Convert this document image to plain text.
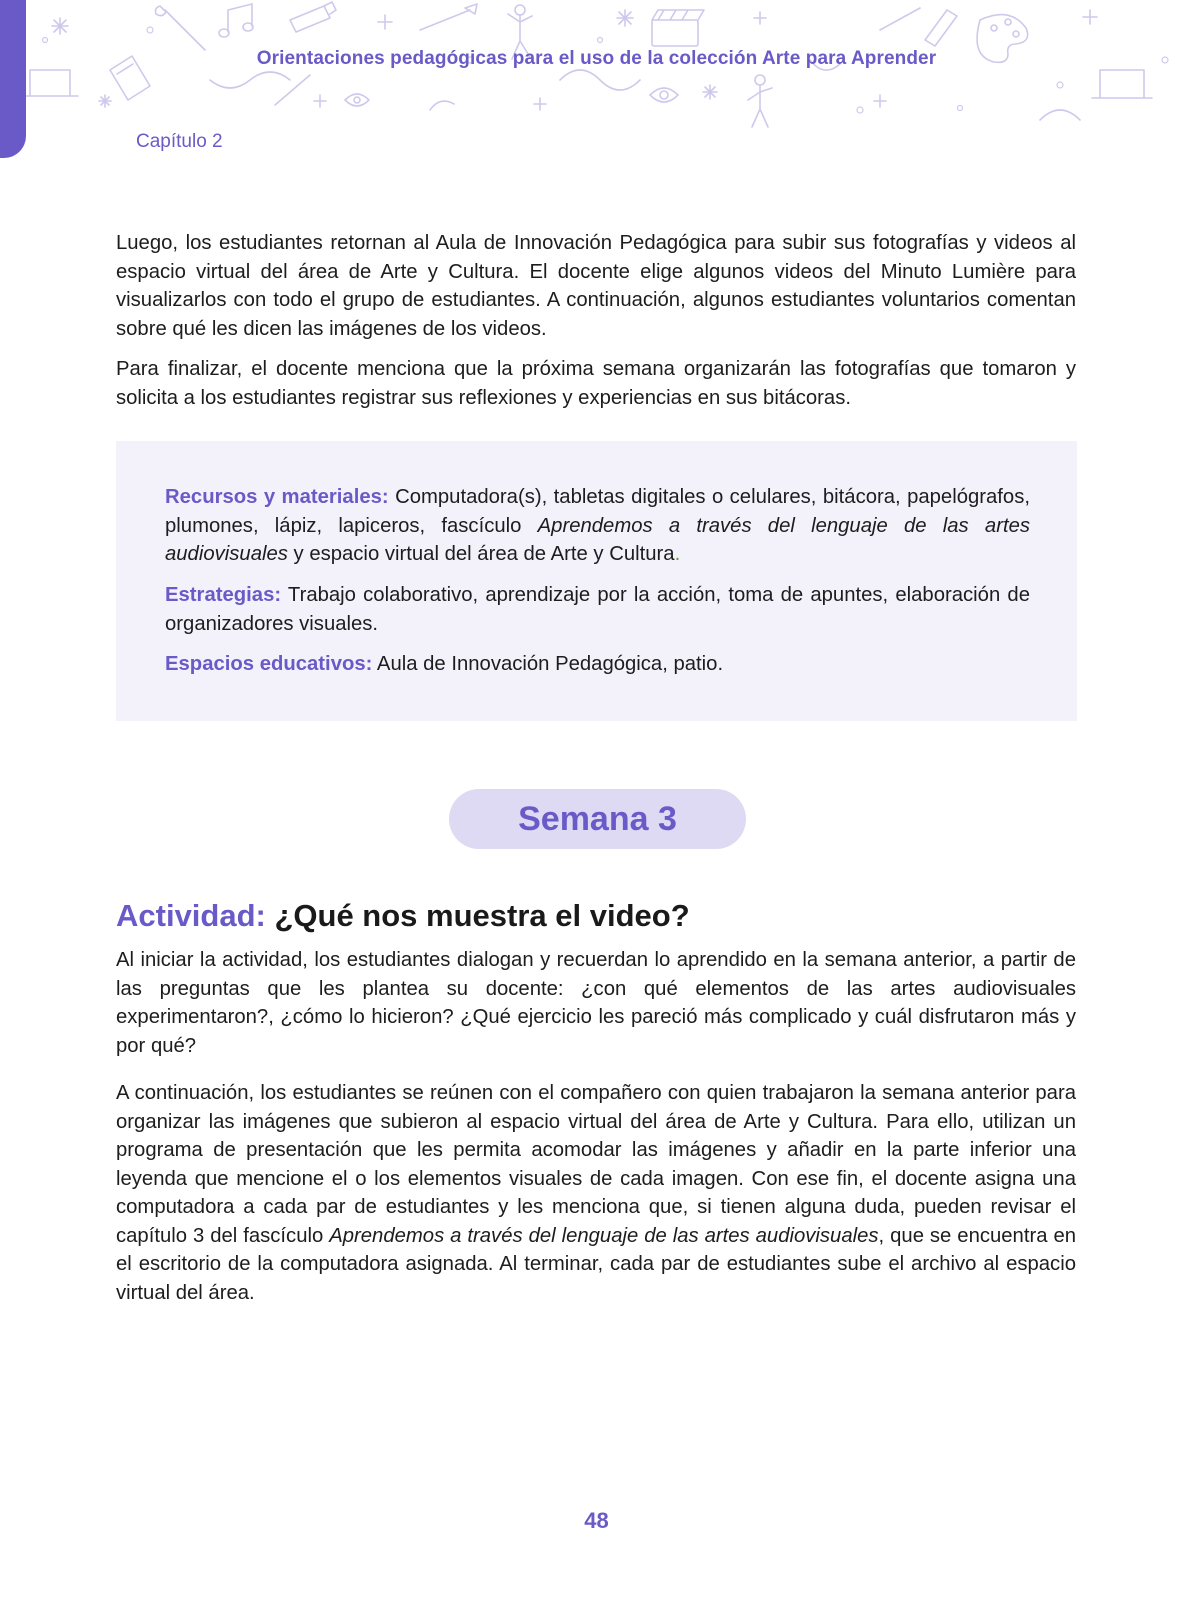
Orientaciones pedagógicas para el uso de la colección Arte para Aprender
Capítulo 2

Luego, los estudiantes retornan al Aula de Innovación Pedagógica para subir sus fotografías y videos al espacio virtual del área de Arte y Cultura. El docente elige algunos videos del Minuto Lumière para visualizarlos con todo el grupo de estudiantes. A continuación, algunos estudiantes voluntarios comentan sobre qué les dicen las imágenes de los videos.

Para finalizar, el docente menciona que la próxima semana organizarán las fotografías que tomaron y solicita a los estudiantes registrar sus reflexiones y experiencias en sus bitácoras.

Recursos y materiales: Computadora(s), tabletas digitales o celulares, bitácora, papelógrafos, plumones, lápiz, lapiceros, fascículo Aprendemos a través del lenguaje de las artes audiovisuales y espacio virtual del área de Arte y Cultura.

Estrategias: Trabajo colaborativo, aprendizaje por la acción, toma de apuntes, elaboración de organizadores visuales.

Espacios educativos: Aula de Innovación Pedagógica, patio.

Semana 3
Actividad: ¿Qué nos muestra el video?

Al iniciar la actividad, los estudiantes dialogan y recuerdan lo aprendido en la semana anterior, a partir de las preguntas que les plantea su docente: ¿con qué elementos de las artes audiovisuales experimentaron?, ¿cómo lo hicieron? ¿Qué ejercicio les pareció más complicado y cuál disfrutaron más y por qué?

A continuación, los estudiantes se reúnen con el compañero con quien trabajaron la semana anterior para organizar las imágenes que subieron al espacio virtual del área de Arte y Cultura. Para ello, utilizan un programa de presentación que les permita acomodar las imágenes y añadir en la parte inferior una leyenda que mencione el o los elementos visuales de cada imagen. Con ese fin, el docente asigna una computadora a cada par de estudiantes y les menciona que, si tienen alguna duda, pueden revisar el capítulo 3 del fascículo Aprendemos a través del lenguaje de las artes audiovisuales, que se encuentra en el escritorio de la computadora asignada. Al terminar, cada par de estudiantes sube el archivo al espacio virtual del área.

48
